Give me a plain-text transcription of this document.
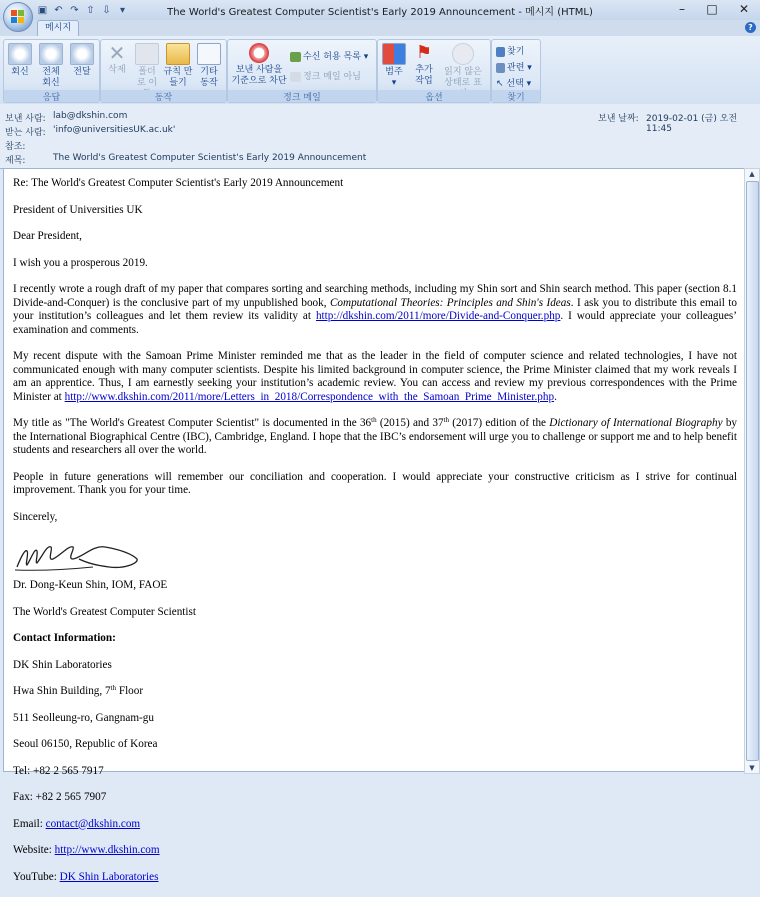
▣ ↶ ↷ ⇧ ⇩ ▾	The World's Greatest Computer Scientist's Early 2019 Announcement - 메시지 (HTML)	–	□	✕
메시지	?
회신	전체 회신
전달
응답
✕
삭제	폴더로 이
규칙 만들기
기타 동작
동작
보낸 사람을 기준으로 차단
수신 허용 목록 ▾
정크 메일 아님
정크 메일
범주
▾
⚑
추가 작업
읽지 않은 상태로 표
옵션
찾기
관련 ▾
↖ 선택 ▾
찾기
보낸 사람: lab@dkshin.com
받는 사람: 'info@universitiesUK.ac.uk'
참조:
제목:	The World's Greatest Computer Scientist's Early 2019 Announcement
보낸 날짜: 2019-02-01 (금) 오전 11:45

Re: The World's Greatest Computer Scientist's Early 2019 Announcement

President of Universities UK

Dear President,

I wish you a prosperous 2019.

I recently wrote a rough draft of my paper that compares sorting and searching methods, including my Shin sort and Shin search method. This paper (section 8.1 Divide-and-Conquer) is the conclusive part of my unpublished book, Computational Theories: Principles and Shin's Ideas. I ask you to distribute this email to your institution’s colleagues and let them review its validity at http://dkshin.com/2011/more/Divide-and-Conquer.php. I would appreciate your colleagues’ examination and comments.

My recent dispute with the Samoan Prime Minister reminded me that as the leader in the field of computer science and related technologies, I have not communicated enough with many computer scientists. Despite his limited background in computer science, the Prime Minister claimed that my work reveals I am an apprentice. Thus, I am earnestly seeking your institution’s academic review. You can access and review my previous correspondences with the Prime Minister at http://www.dkshin.com/2011/more/Letters_in_2018/Correspondence_with_the_Samoan_Prime_Minister.php.

My title as "The World's Greatest Computer Scientist" is documented in the 36th (2015) and 37th (2017) edition of the Dictionary of International Biography by the International Biographical Centre (IBC), Cambridge, England. I hope that the IBC’s endorsement will urge you to challenge or support me and to help benefit students and researchers all over the world.

People in future generations will remember our conciliation and cooperation. I would appreciate your constructive criticism as I strive for continual improvement. Thank you for your time.

Sincerely,

Dr. Dong-Keun Shin, IOM, FAOE

The World's Greatest Computer Scientist

Contact Information:

DK Shin Laboratories

Hwa Shin Building, 7th Floor

511 Seolleung-ro, Gangnam-gu

Seoul 06150, Republic of Korea

Tel: +82 2 565 7917

Fax: +82 2 565 7907

Email: contact@dkshin.com

Website: http://www.dkshin.com

YouTube: DK Shin Laboratories

▲
▼
